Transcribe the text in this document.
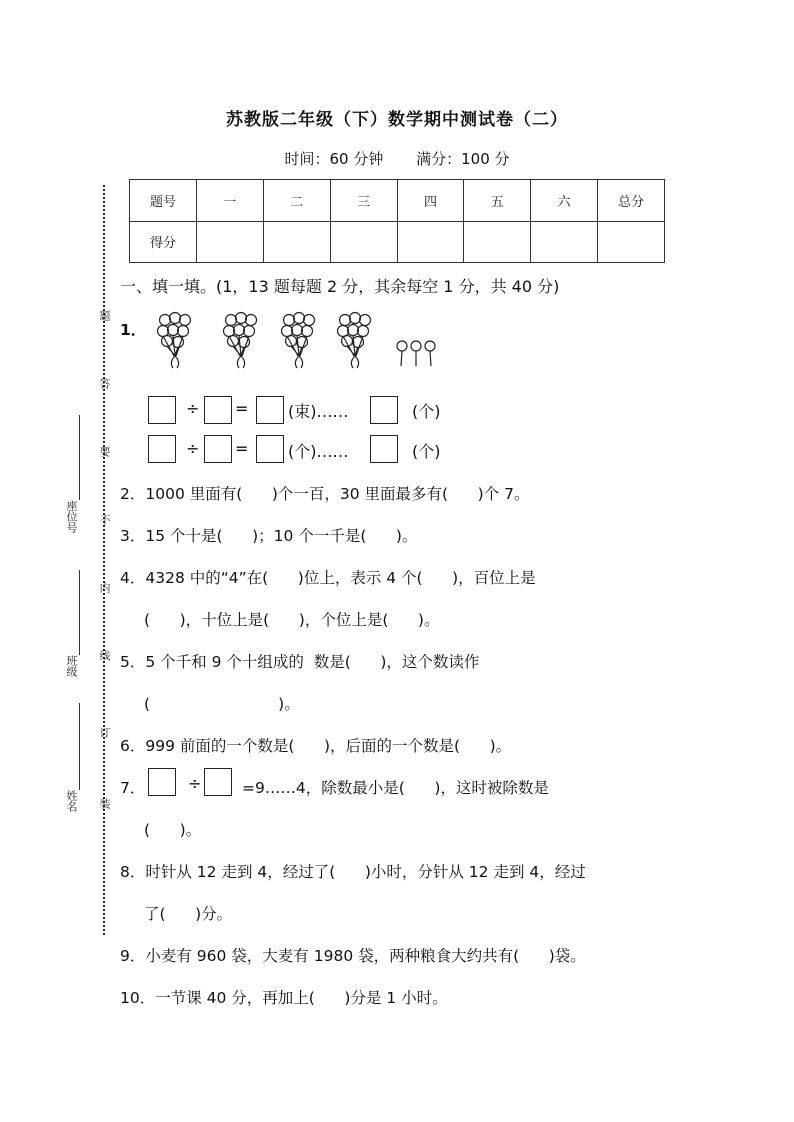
苏教版二年级（下）数学期中测试卷（二）
时间：60 分钟 满分：100 分
题号	一	二	三	四	五	六	总分
得分							
座位号
班级
姓名
题
答
要
不
内
线
订
装
一、填一填。(1，13 题每题 2 分，其余每空 1 分，共 40 分)
1．
÷ = (束)……	(个)
÷ = (个)……	(个)
2．1000 里面有(      )个一百，30 里面最多有(      )个 7。
3．15 个十是(      )；10 个一千是(      )。
4．4328 中的“4”在(      )位上，表示 4 个(      )，百位上是
(      )，十位上是(      )，个位上是(      )。
5．5 个千和 9 个十组成的  数是(      )，这个数读作
(                          )。
6．999 前面的一个数是(      )，后面的一个数是(      )。
7．	÷	=9……4，除数最小是(      )，这时被除数是
(      )。
8．时针从 12 走到 4，经过了(      )小时，分针从 12 走到 4，经过
了(      )分。
9．小麦有 960 袋，大麦有 1980 袋，两种粮食大约共有(      )袋。
10．一节课 40 分，再加上(      )分是 1 小时。
